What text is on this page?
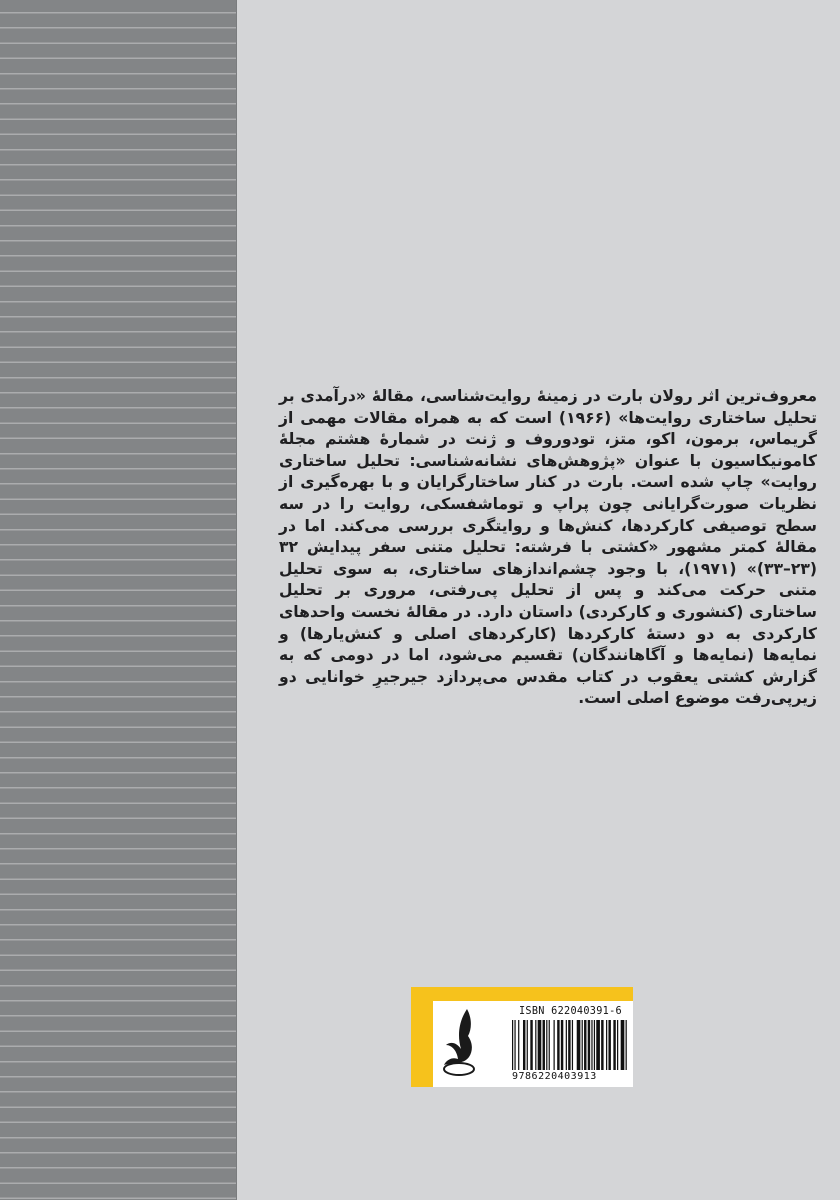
معروف‌ترین اثر رولان بارت در زمینهٔ روایت‌شناسی، مقالهٔ «درآمدی بر تحلیل ساختاری روایت‌ها» (۱۹۶۶) است که به همراه مقالات مهمی از گریماس، برمون، اکو، متز، تودوروف و ژنت در شمارهٔ هشتم مجلهٔ کامونیکاسیون با عنوان «پژوهش‌های نشانه‌شناسی: تحلیل ساختاری روایت» چاپ شده است. بارت در کنار ساختارگرایان و با بهره‌گیری از نظریات صورت‌گرایانی چون پراپ و توماشفسکی، روایت را در سه سطح توصیفی کارکردها، کنش‌ها و روایتگری بررسی می‌کند. اما در مقالهٔ کمتر مشهور «کشتی با فرشته: تحلیل متنی سفر پیدایش ۳۲ (۲۳–۳۳)» (۱۹۷۱)، با وجود چشم‌اندازهای ساختاری، به سوی تحلیل متنی حرکت می‌کند و پس از تحلیل پی‌رفتی، مروری بر تحلیل ساختاری (کنشوری و کارکردی) داستان دارد. در مقالهٔ نخست واحدهای کارکردی به دو دستهٔ کارکردها (کارکردهای اصلی و کنش‌یارها) و نمایه‌ها (نمایه‌ها و آگاهانندگان) تقسیم می‌شود، اما در دومی که به گزارش کشتی یعقوب در کتاب مقدس می‌پردازد جیرجیرِ خوانایی دو زیرپی‌رفت موضوع اصلی است.

ISBN 622040391-6
9786220403913
